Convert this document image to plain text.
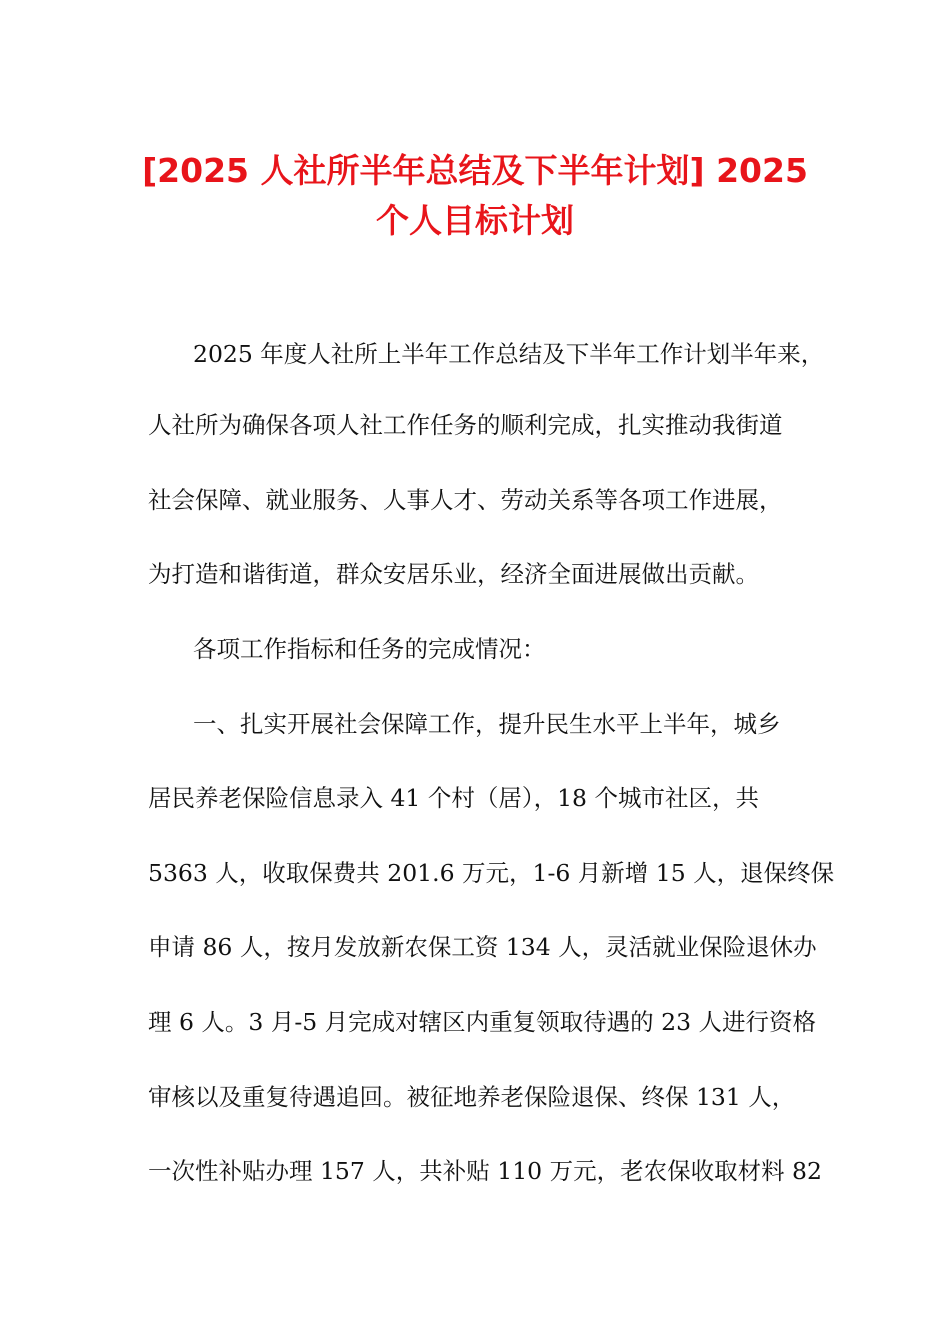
[2025 人社所半年总结及下半年计划] 2025
个人目标计划
2025 年度人社所上半年工作总结及下半年工作计划半年来，
人社所为确保各项人社工作任务的顺利完成，扎实推动我街道
社会保障、就业服务、人事人才、劳动关系等各项工作进展，
为打造和谐街道，群众安居乐业，经济全面进展做出贡献。
各项工作指标和任务的完成情况：
一、扎实开展社会保障工作，提升民生水平上半年，城乡
居民养老保险信息录入 41 个村（居），18 个城市社区，共
5363 人，收取保费共 201.6 万元，1-6 月新增 15 人，退保终保
申请 86 人，按月发放新农保工资 134 人，灵活就业保险退休办
理 6 人。3 月-5 月完成对辖区内重复领取待遇的 23 人进行资格
审核以及重复待遇追回。被征地养老保险退保、终保 131 人，
一次性补贴办理 157 人，共补贴 110 万元，老农保收取材料 82
